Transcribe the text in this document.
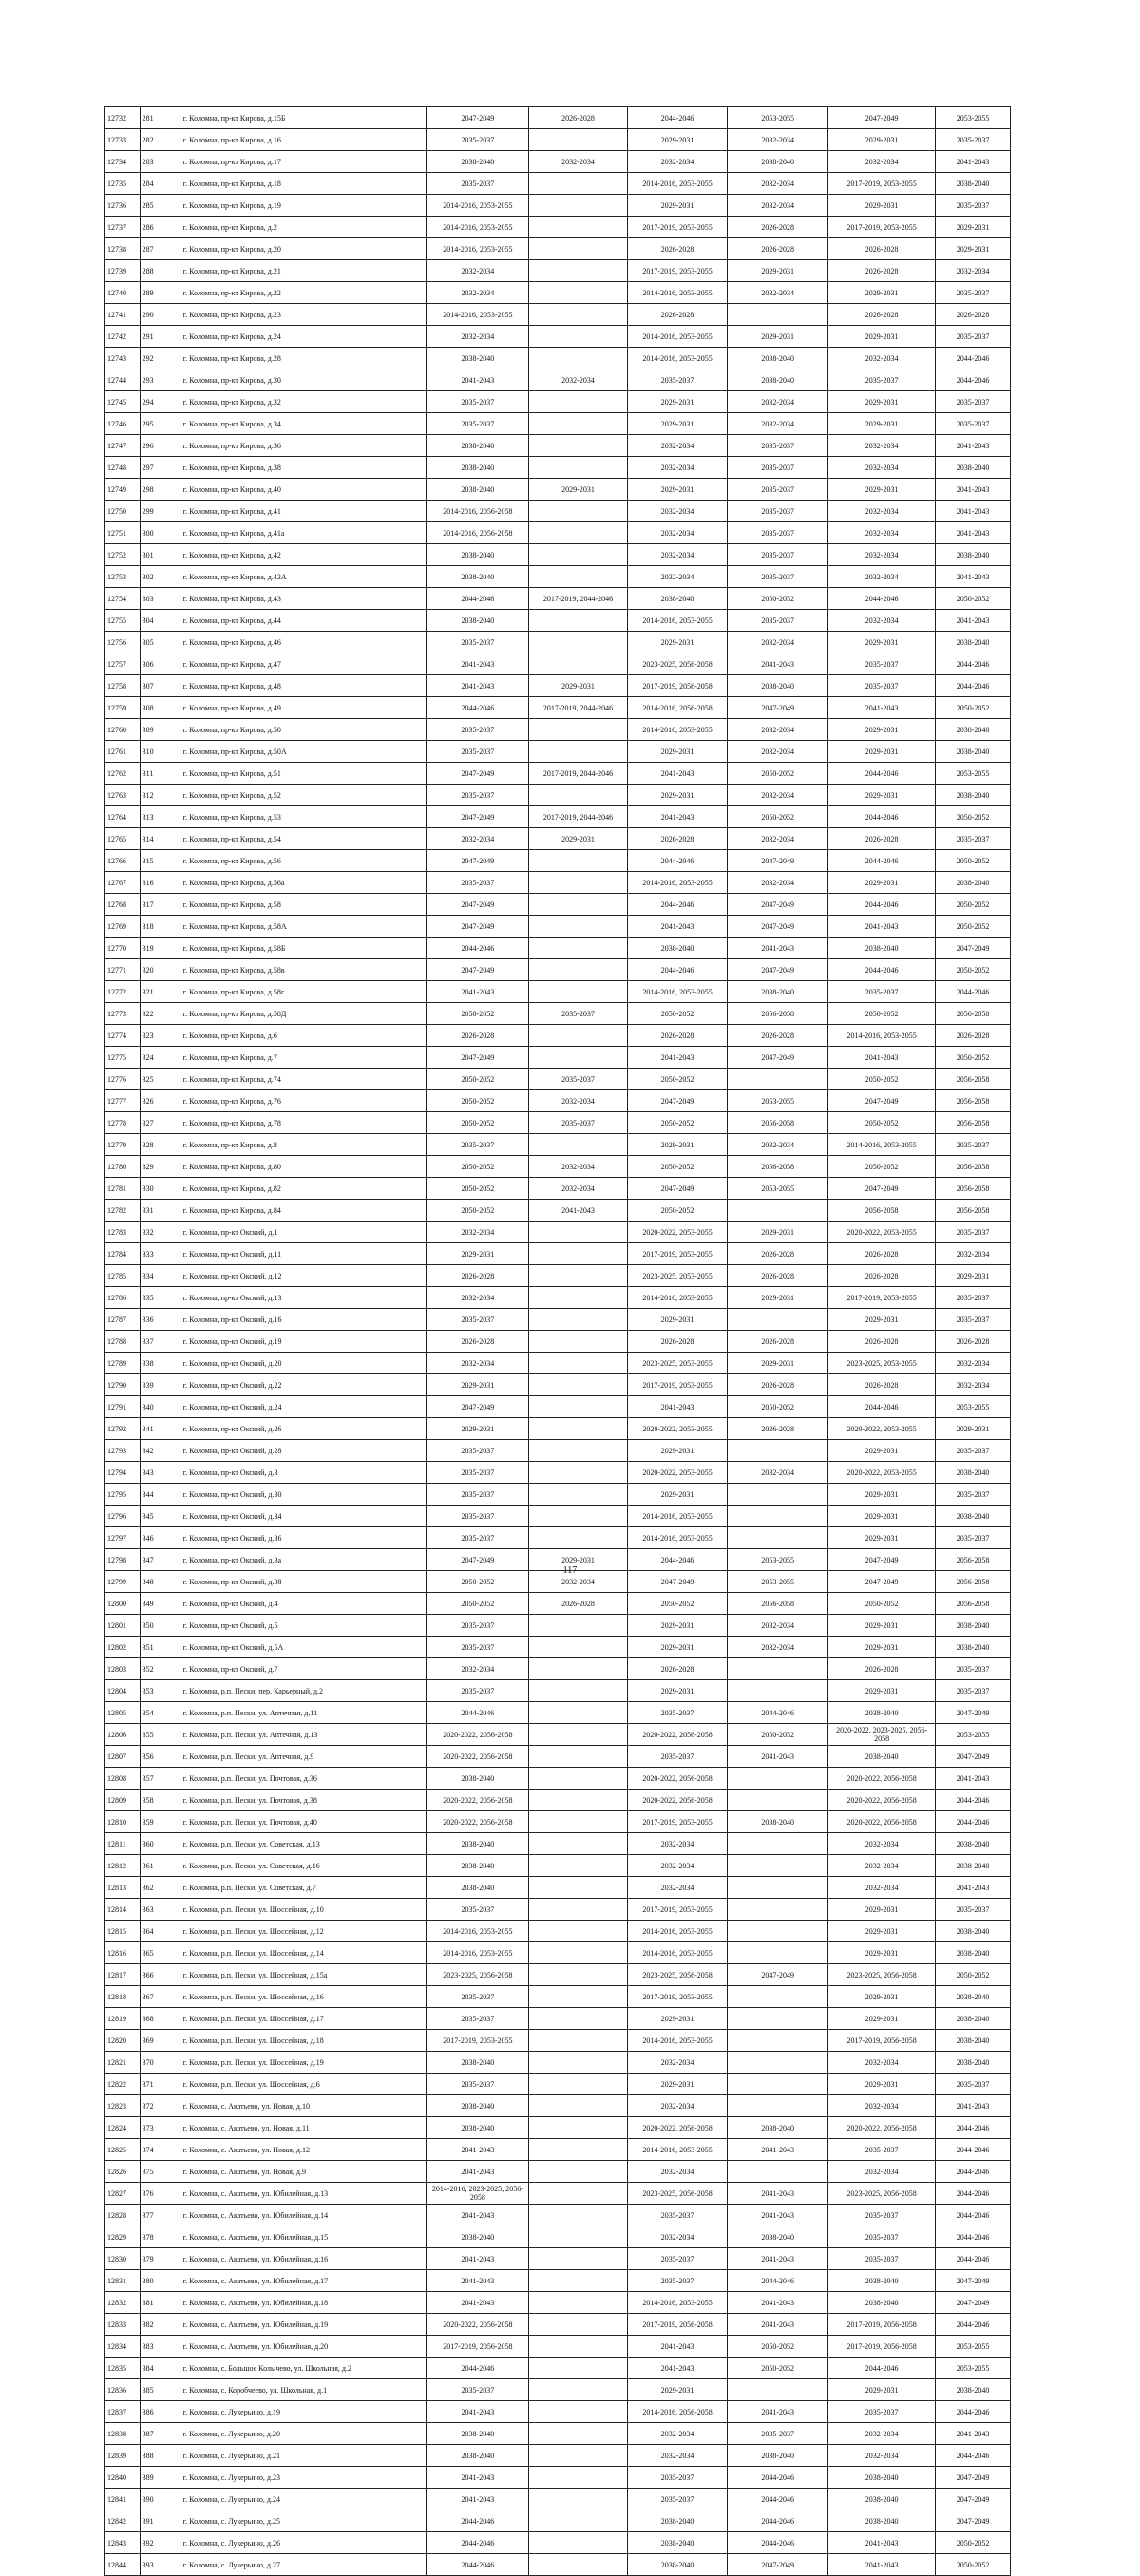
12732	281	г. Коломна, пр-кт Кирова, д.15Б	2047-2049	2026-2028	2044-2046	2053-2055	2047-2049	2053-2055
12733	282	г. Коломна, пр-кт Кирова, д.16	2035-2037		2029-2031	2032-2034	2029-2031	2035-2037
12734	283	г. Коломна, пр-кт Кирова, д.17	2038-2040	2032-2034	2032-2034	2038-2040	2032-2034	2041-2043
12735	284	г. Коломна, пр-кт Кирова, д.18	2035-2037		2014-2016, 2053-2055	2032-2034	2017-2019, 2053-2055	2038-2040
12736	285	г. Коломна, пр-кт Кирова, д.19	2014-2016, 2053-2055		2029-2031	2032-2034	2029-2031	2035-2037
12737	286	г. Коломна, пр-кт Кирова, д.2	2014-2016, 2053-2055		2017-2019, 2053-2055	2026-2028	2017-2019, 2053-2055	2029-2031
12738	287	г. Коломна, пр-кт Кирова, д.20	2014-2016, 2053-2055		2026-2028	2026-2028	2026-2028	2029-2031
12739	288	г. Коломна, пр-кт Кирова, д.21	2032-2034		2017-2019, 2053-2055	2029-2031	2026-2028	2032-2034
12740	289	г. Коломна, пр-кт Кирова, д.22	2032-2034		2014-2016, 2053-2055	2032-2034	2029-2031	2035-2037
12741	290	г. Коломна, пр-кт Кирова, д.23	2014-2016, 2053-2055		2026-2028		2026-2028	2026-2028
12742	291	г. Коломна, пр-кт Кирова, д.24	2032-2034		2014-2016, 2053-2055	2029-2031	2029-2031	2035-2037
12743	292	г. Коломна, пр-кт Кирова, д.28	2038-2040		2014-2016, 2053-2055	2038-2040	2032-2034	2044-2046
12744	293	г. Коломна, пр-кт Кирова, д.30	2041-2043	2032-2034	2035-2037	2038-2040	2035-2037	2044-2046
12745	294	г. Коломна, пр-кт Кирова, д.32	2035-2037		2029-2031	2032-2034	2029-2031	2035-2037
12746	295	г. Коломна, пр-кт Кирова, д.34	2035-2037		2029-2031	2032-2034	2029-2031	2035-2037
12747	296	г. Коломна, пр-кт Кирова, д.36	2038-2040		2032-2034	2035-2037	2032-2034	2041-2043
12748	297	г. Коломна, пр-кт Кирова, д.38	2038-2040		2032-2034	2035-2037	2032-2034	2038-2040
12749	298	г. Коломна, пр-кт Кирова, д.40	2038-2040	2029-2031	2029-2031	2035-2037	2029-2031	2041-2043
12750	299	г. Коломна, пр-кт Кирова, д.41	2014-2016, 2056-2058		2032-2034	2035-2037	2032-2034	2041-2043
12751	300	г. Коломна, пр-кт Кирова, д.41а	2014-2016, 2056-2058		2032-2034	2035-2037	2032-2034	2041-2043
12752	301	г. Коломна, пр-кт Кирова, д.42	2038-2040		2032-2034	2035-2037	2032-2034	2038-2040
12753	302	г. Коломна, пр-кт Кирова, д.42А	2038-2040		2032-2034	2035-2037	2032-2034	2041-2043
12754	303	г. Коломна, пр-кт Кирова, д.43	2044-2046	2017-2019, 2044-2046	2038-2040	2050-2052	2044-2046	2050-2052
12755	304	г. Коломна, пр-кт Кирова, д.44	2038-2040		2014-2016, 2053-2055	2035-2037	2032-2034	2041-2043
12756	305	г. Коломна, пр-кт Кирова, д.46	2035-2037		2029-2031	2032-2034	2029-2031	2038-2040
12757	306	г. Коломна, пр-кт Кирова, д.47	2041-2043		2023-2025, 2056-2058	2041-2043	2035-2037	2044-2046
12758	307	г. Коломна, пр-кт Кирова, д.48	2041-2043	2029-2031	2017-2019, 2056-2058	2038-2040	2035-2037	2044-2046
12759	308	г. Коломна, пр-кт Кирова, д.49	2044-2046	2017-2019, 2044-2046	2014-2016, 2056-2058	2047-2049	2041-2043	2050-2052
12760	309	г. Коломна, пр-кт Кирова, д.50	2035-2037		2014-2016, 2053-2055	2032-2034	2029-2031	2038-2040
12761	310	г. Коломна, пр-кт Кирова, д.50А	2035-2037		2029-2031	2032-2034	2029-2031	2038-2040
12762	311	г. Коломна, пр-кт Кирова, д.51	2047-2049	2017-2019, 2044-2046	2041-2043	2050-2052	2044-2046	2053-2055
12763	312	г. Коломна, пр-кт Кирова, д.52	2035-2037		2029-2031	2032-2034	2029-2031	2038-2040
12764	313	г. Коломна, пр-кт Кирова, д.53	2047-2049	2017-2019, 2044-2046	2041-2043	2050-2052	2044-2046	2050-2052
12765	314	г. Коломна, пр-кт Кирова, д.54	2032-2034	2029-2031	2026-2028	2032-2034	2026-2028	2035-2037
12766	315	г. Коломна, пр-кт Кирова, д.56	2047-2049		2044-2046	2047-2049	2044-2046	2050-2052
12767	316	г. Коломна, пр-кт Кирова, д.56а	2035-2037		2014-2016, 2053-2055	2032-2034	2029-2031	2038-2040
12768	317	г. Коломна, пр-кт Кирова, д.58	2047-2049		2044-2046	2047-2049	2044-2046	2050-2052
12769	318	г. Коломна, пр-кт Кирова, д.58А	2047-2049		2041-2043	2047-2049	2041-2043	2050-2052
12770	319	г. Коломна, пр-кт Кирова, д.58Б	2044-2046		2038-2040	2041-2043	2038-2040	2047-2049
12771	320	г. Коломна, пр-кт Кирова, д.58в	2047-2049		2044-2046	2047-2049	2044-2046	2050-2052
12772	321	г. Коломна, пр-кт Кирова, д.58г	2041-2043		2014-2016, 2053-2055	2038-2040	2035-2037	2044-2046
12773	322	г. Коломна, пр-кт Кирова, д.58Д	2050-2052	2035-2037	2050-2052	2056-2058	2050-2052	2056-2058
12774	323	г. Коломна, пр-кт Кирова, д.6	2026-2028		2026-2028	2026-2028	2014-2016, 2053-2055	2026-2028
12775	324	г. Коломна, пр-кт Кирова, д.7	2047-2049		2041-2043	2047-2049	2041-2043	2050-2052
12776	325	г. Коломна, пр-кт Кирова, д.74	2050-2052	2035-2037	2050-2052		2050-2052	2056-2058
12777	326	г. Коломна, пр-кт Кирова, д.76	2050-2052	2032-2034	2047-2049	2053-2055	2047-2049	2056-2058
12778	327	г. Коломна, пр-кт Кирова, д.78	2050-2052	2035-2037	2050-2052	2056-2058	2050-2052	2056-2058
12779	328	г. Коломна, пр-кт Кирова, д.8	2035-2037		2029-2031	2032-2034	2014-2016, 2053-2055	2035-2037
12780	329	г. Коломна, пр-кт Кирова, д.80	2050-2052	2032-2034	2050-2052	2056-2058	2050-2052	2056-2058
12781	330	г. Коломна, пр-кт Кирова, д.82	2050-2052	2032-2034	2047-2049	2053-2055	2047-2049	2056-2058
12782	331	г. Коломна, пр-кт Кирова, д.84	2050-2052	2041-2043	2050-2052		2056-2058	2056-2058
12783	332	г. Коломна, пр-кт Окский, д.1	2032-2034		2020-2022, 2053-2055	2029-2031	2020-2022, 2053-2055	2035-2037
12784	333	г. Коломна, пр-кт Окский, д.11	2029-2031		2017-2019, 2053-2055	2026-2028	2026-2028	2032-2034
12785	334	г. Коломна, пр-кт Окский, д.12	2026-2028		2023-2025, 2053-2055	2026-2028	2026-2028	2029-2031
12786	335	г. Коломна, пр-кт Окский, д.13	2032-2034		2014-2016, 2053-2055	2029-2031	2017-2019, 2053-2055	2035-2037
12787	336	г. Коломна, пр-кт Окский, д.16	2035-2037		2029-2031		2029-2031	2035-2037
12788	337	г. Коломна, пр-кт Окский, д.19	2026-2028		2026-2028	2026-2028	2026-2028	2026-2028
12789	338	г. Коломна, пр-кт Окский, д.20	2032-2034		2023-2025, 2053-2055	2029-2031	2023-2025, 2053-2055	2032-2034
12790	339	г. Коломна, пр-кт Окский, д.22	2029-2031		2017-2019, 2053-2055	2026-2028	2026-2028	2032-2034
12791	340	г. Коломна, пр-кт Окский, д.24	2047-2049		2041-2043	2050-2052	2044-2046	2053-2055
12792	341	г. Коломна, пр-кт Окский, д.26	2029-2031		2020-2022, 2053-2055	2026-2028	2020-2022, 2053-2055	2029-2031
12793	342	г. Коломна, пр-кт Окский, д.28	2035-2037		2029-2031		2029-2031	2035-2037
12794	343	г. Коломна, пр-кт Окский, д.3	2035-2037		2020-2022, 2053-2055	2032-2034	2020-2022, 2053-2055	2038-2040
12795	344	г. Коломна, пр-кт Окский, д.30	2035-2037		2029-2031		2029-2031	2035-2037
12796	345	г. Коломна, пр-кт Окский, д.34	2035-2037		2014-2016, 2053-2055		2029-2031	2038-2040
12797	346	г. Коломна, пр-кт Окский, д.36	2035-2037		2014-2016, 2053-2055		2029-2031	2035-2037
12798	347	г. Коломна, пр-кт Окский, д.3а	2047-2049	2029-2031	2044-2046	2053-2055	2047-2049	2056-2058
12799	348	г. Коломна, пр-кт Окский, д.38	2050-2052	2032-2034	2047-2049	2053-2055	2047-2049	2056-2058
12800	349	г. Коломна, пр-кт Окский, д.4	2050-2052	2026-2028	2050-2052	2056-2058	2050-2052	2056-2058
12801	350	г. Коломна, пр-кт Окский, д.5	2035-2037		2029-2031	2032-2034	2029-2031	2038-2040
12802	351	г. Коломна, пр-кт Окский, д.5А	2035-2037		2029-2031	2032-2034	2029-2031	2038-2040
12803	352	г. Коломна, пр-кт Окский, д.7	2032-2034		2026-2028		2026-2028	2035-2037
12804	353	г. Коломна, р.п. Пески, пер. Карьерный, д.2	2035-2037		2029-2031		2029-2031	2035-2037
12805	354	г. Коломна, р.п. Пески, ул. Аптечная, д.11	2044-2046		2035-2037	2044-2046	2038-2040	2047-2049
12806	355	г. Коломна, р.п. Пески, ул. Аптечная, д.13	2020-2022, 2056-2058		2020-2022, 2056-2058	2050-2052	2020-2022, 2023-2025, 2056-2058	2053-2055
12807	356	г. Коломна, р.п. Пески, ул. Аптечная, д.9	2020-2022, 2056-2058		2035-2037	2041-2043	2038-2040	2047-2049
12808	357	г. Коломна, р.п. Пески, ул. Почтовая, д.36	2038-2040		2020-2022, 2056-2058		2020-2022, 2056-2058	2041-2043
12809	358	г. Коломна, р.п. Пески, ул. Почтовая, д.38	2020-2022, 2056-2058		2020-2022, 2056-2058		2020-2022, 2056-2058	2044-2046
12810	359	г. Коломна, р.п. Пески, ул. Почтовая, д.40	2020-2022, 2056-2058		2017-2019, 2053-2055	2038-2040	2020-2022, 2056-2058	2044-2046
12811	360	г. Коломна, р.п. Пески, ул. Советская, д.13	2038-2040		2032-2034		2032-2034	2038-2040
12812	361	г. Коломна, р.п. Пески, ул. Советская, д.16	2038-2040		2032-2034		2032-2034	2038-2040
12813	362	г. Коломна, р.п. Пески, ул. Советская, д.7	2038-2040		2032-2034		2032-2034	2041-2043
12814	363	г. Коломна, р.п. Пески, ул. Шоссейная, д.10	2035-2037		2017-2019, 2053-2055		2029-2031	2035-2037
12815	364	г. Коломна, р.п. Пески, ул. Шоссейная, д.12	2014-2016, 2053-2055		2014-2016, 2053-2055		2029-2031	2038-2040
12816	365	г. Коломна, р.п. Пески, ул. Шоссейная, д.14	2014-2016, 2053-2055		2014-2016, 2053-2055		2029-2031	2038-2040
12817	366	г. Коломна, р.п. Пески, ул. Шоссейная, д.15а	2023-2025, 2056-2058		2023-2025, 2056-2058	2047-2049	2023-2025, 2056-2058	2050-2052
12818	367	г. Коломна, р.п. Пески, ул. Шоссейная, д.16	2035-2037		2017-2019, 2053-2055		2029-2031	2038-2040
12819	368	г. Коломна, р.п. Пески, ул. Шоссейная, д.17	2035-2037		2029-2031		2029-2031	2038-2040
12820	369	г. Коломна, р.п. Пески, ул. Шоссейная, д.18	2017-2019, 2053-2055		2014-2016, 2053-2055		2017-2019, 2056-2058	2038-2040
12821	370	г. Коломна, р.п. Пески, ул. Шоссейная, д.19	2038-2040		2032-2034		2032-2034	2038-2040
12822	371	г. Коломна, р.п. Пески, ул. Шоссейная, д.6	2035-2037		2029-2031		2029-2031	2035-2037
12823	372	г. Коломна, с. Акатьево, ул. Новая, д.10	2038-2040		2032-2034		2032-2034	2041-2043
12824	373	г. Коломна, с. Акатьево, ул. Новая, д.11	2038-2040		2020-2022, 2056-2058	2038-2040	2020-2022, 2056-2058	2044-2046
12825	374	г. Коломна, с. Акатьево, ул. Новая, д.12	2041-2043		2014-2016, 2053-2055	2041-2043	2035-2037	2044-2046
12826	375	г. Коломна, с. Акатьево, ул. Новая, д.9	2041-2043		2032-2034		2032-2034	2044-2046
12827	376	г. Коломна, с. Акатьево, ул. Юбилейная, д.13	2014-2016, 2023-2025, 2056-2058		2023-2025, 2056-2058	2041-2043	2023-2025, 2056-2058	2044-2046
12828	377	г. Коломна, с. Акатьево, ул. Юбилейная, д.14	2041-2043		2035-2037	2041-2043	2035-2037	2044-2046
12829	378	г. Коломна, с. Акатьево, ул. Юбилейная, д.15	2038-2040		2032-2034	2038-2040	2035-2037	2044-2046
12830	379	г. Коломна, с. Акатьево, ул. Юбилейная, д.16	2041-2043		2035-2037	2041-2043	2035-2037	2044-2046
12831	380	г. Коломна, с. Акатьево, ул. Юбилейная, д.17	2041-2043		2035-2037	2044-2046	2038-2040	2047-2049
12832	381	г. Коломна, с. Акатьево, ул. Юбилейная, д.18	2041-2043		2014-2016, 2053-2055	2041-2043	2038-2040	2047-2049
12833	382	г. Коломна, с. Акатьево, ул. Юбилейная, д.19	2020-2022, 2056-2058		2017-2019, 2056-2058	2041-2043	2017-2019, 2056-2058	2044-2046
12834	383	г. Коломна, с. Акатьево, ул. Юбилейная, д.20	2017-2019, 2056-2058		2041-2043	2050-2052	2017-2019, 2056-2058	2053-2055
12835	384	г. Коломна, с. Большое Колычево, ул. Школьная, д.2	2044-2046		2041-2043	2050-2052	2044-2046	2053-2055
12836	385	г. Коломна, с. Коробчеево, ул. Школьная, д.1	2035-2037		2029-2031		2029-2031	2038-2040
12837	386	г. Коломна, с. Лукерьино, д.19	2041-2043		2014-2016, 2056-2058	2041-2043	2035-2037	2044-2046
12838	387	г. Коломна, с. Лукерьино, д.20	2038-2040		2032-2034	2035-2037	2032-2034	2041-2043
12839	388	г. Коломна, с. Лукерьино, д.21	2038-2040		2032-2034	2038-2040	2032-2034	2044-2046
12840	389	г. Коломна, с. Лукерьино, д.23	2041-2043		2035-2037	2044-2046	2038-2040	2047-2049
12841	390	г. Коломна, с. Лукерьино, д.24	2041-2043		2035-2037	2044-2046	2038-2040	2047-2049
12842	391	г. Коломна, с. Лукерьино, д.25	2044-2046		2038-2040	2044-2046	2038-2040	2047-2049
12843	392	г. Коломна, с. Лукерьино, д.26	2044-2046		2038-2040	2044-2046	2041-2043	2050-2052
12844	393	г. Коломна, с. Лукерьино, д.27	2044-2046		2038-2040	2047-2049	2041-2043	2050-2052
117
